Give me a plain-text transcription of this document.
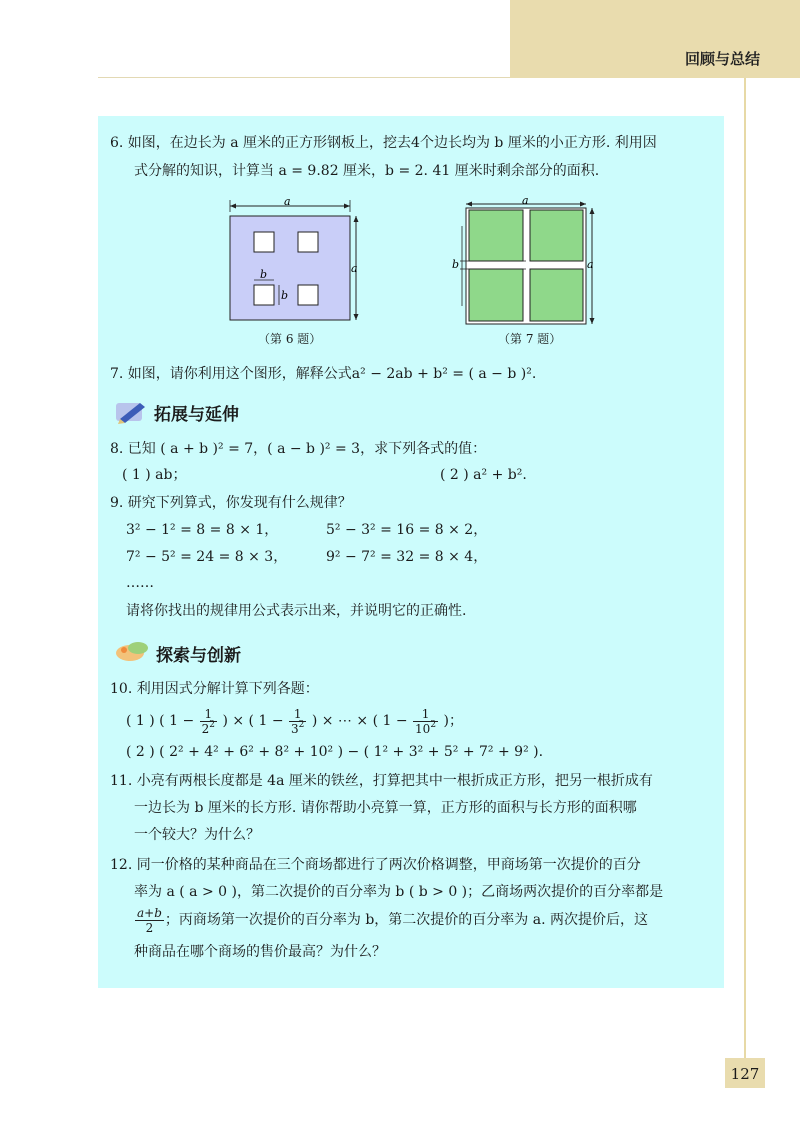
回顾与总结
6. 如图，在边长为 a 厘米的正方形钢板上，挖去4个边长均为 b 厘米的小正方形. 利用因
式分解的知识，计算当 a = 9.82 厘米，b = 2. 41 厘米时剩余部分的面积.
a
b
b
a
（第 6 题）
a
b	a
（第 7 题）
7. 如图，请你利用这个图形，解释公式a² − 2ab + b² = ( a − b )².
拓展与延伸
8. 已知 ( a + b )² = 7，( a − b )² = 3，求下列各式的值：
( 1 ) ab；	( 2 ) a² + b².
9. 研究下列算式，你发现有什么规律？
3² − 1² = 8 = 8 × 1，	5² − 3² = 16 = 8 × 2，
7² − 5² = 24 = 8 × 3，	9² − 7² = 32 = 8 × 4，
……
请将你找出的规律用公式表示出来，并说明它的正确性.
探索与创新
10. 利用因式分解计算下列各题：
( 1 ) ( $1 - \frac{1}{2^2}$ ) × ( $1 - \frac{1}{3^2}$ ) × ⋯ × ( $1 - \frac{1}{10^2}$ )；
( 2 ) ( 2² + 4² + 6² + 8² + 10² ) − ( 1² + 3² + 5² + 7² + 9² ).
11. 小亮有两根长度都是 4a 厘米的铁丝，打算把其中一根折成正方形，把另一根折成有
一边长为 b 厘米的长方形. 请你帮助小亮算一算，正方形的面积与长方形的面积哪
一个较大？为什么？
12. 同一价格的某种商品在三个商场都进行了两次价格调整，甲商场第一次提价的百分
率为 a ( a > 0 )，第二次提价的百分率为 b ( b > 0 )；乙商场两次提价的百分率都是
$\frac{a+b}{2}$ ；丙商场第一次提价的百分率为 b，第二次提价的百分率为 a. 两次提价后，这
种商品在哪个商场的售价最高？为什么？
127
